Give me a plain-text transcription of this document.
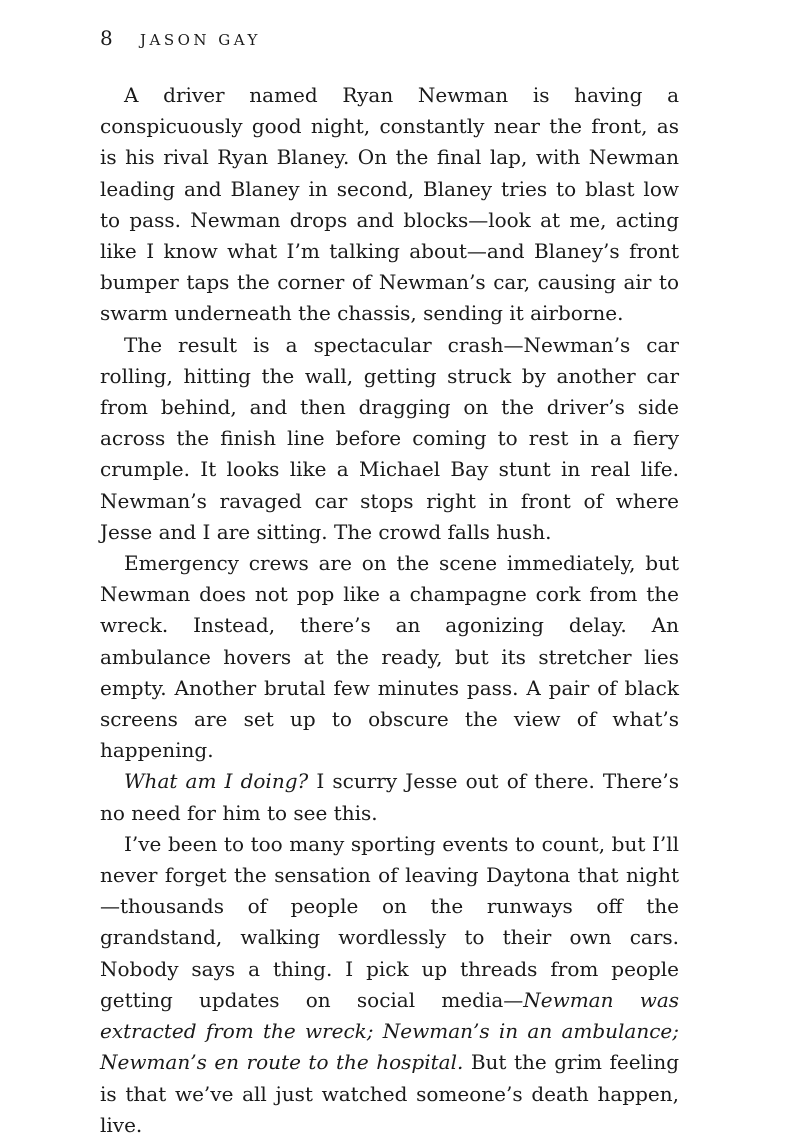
8 JASON GAY

A driver named Ryan Newman is having a conspicuously good night, constantly near the front, as is his rival Ryan Blaney. On the final lap, with Newman leading and Blaney in second, Blaney tries to blast low to pass. Newman drops and blocks—look at me, acting like I know what I’m talking about—and Blaney’s front bumper taps the corner of Newman’s car, causing air to swarm underneath the chassis, sending it airborne.

The result is a spectacular crash—Newman’s car rolling, hitting the wall, getting struck by another car from behind, and then dragging on the driver’s side across the finish line before coming to rest in a fiery crumple. It looks like a Michael Bay stunt in real life. Newman’s ravaged car stops right in front of where Jesse and I are sitting. The crowd falls hush.

Emergency crews are on the scene immediately, but Newman does not pop like a champagne cork from the wreck. Instead, there’s an agonizing delay. An ambulance hovers at the ready, but its stretcher lies empty. Another brutal few minutes pass. A pair of black screens are set up to obscure the view of what’s happening.

What am I doing? I scurry Jesse out of there. There’s no need for him to see this.

I’ve been to too many sporting events to count, but I’ll never forget the sensation of leaving Daytona that night—thousands of people on the runways off the grandstand, walking wordlessly to their own cars. Nobody says a thing. I pick up threads from people getting updates on social media—Newman was extracted from the wreck; Newman’s in an ambulance; Newman’s en route to the hospital. But the grim feeling is that we’ve all just watched someone’s death happen, live.
